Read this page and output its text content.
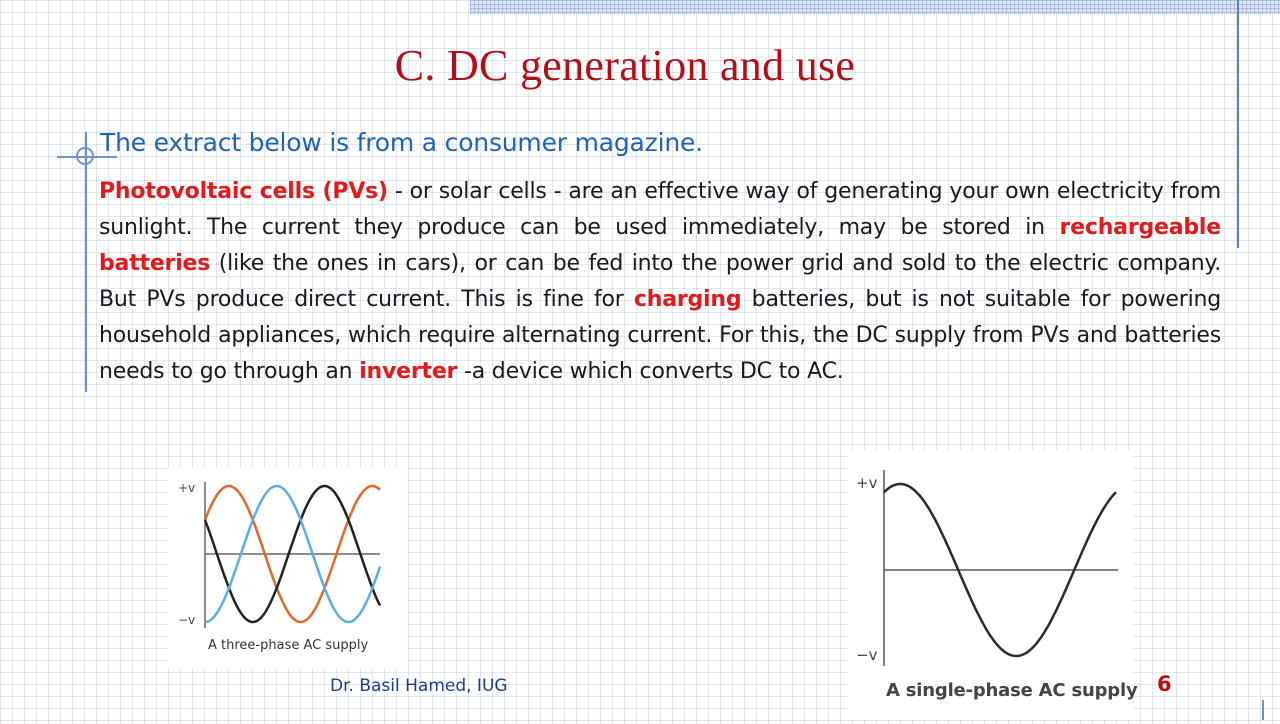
C. DC generation and use
The extract below is from a consumer magazine.
Photovoltaic cells (PVs) - or solar cells - are an effective way of generating your own electricity from sunlight. The current they produce can be used immediately, may be stored in rechargeable batteries (like the ones in cars), or can be fed into the power grid and sold to the electric company. But PVs produce direct current. This is fine for charging batteries, but is not suitable for powering household appliances, which require alternating current. For this, the DC supply from PVs and batteries needs to go through an inverter -a device which converts DC to AC.
+v
−v
A three-phase AC supply
+v
−v
A single-phase AC supply
Dr. Basil Hamed, IUG	6
